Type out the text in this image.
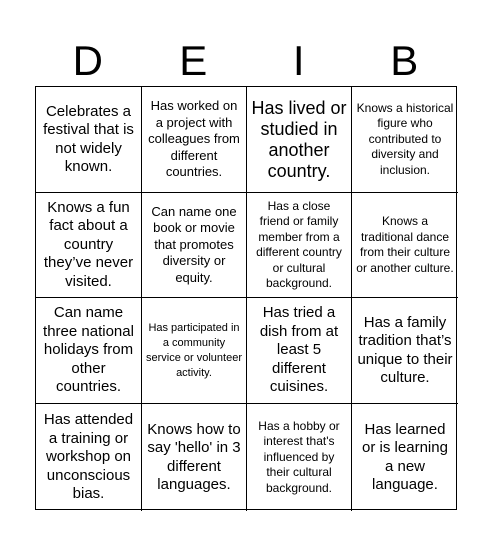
D	E	I	B
Celebrates a festival that is not widely known.
Has worked on a project with colleagues from different countries.
Has lived or studied in another country.
Knows a historical figure who contributed to diversity and inclusion.
Knows a fun fact about a country they’ve never visited.
Can name one book or movie that promotes diversity or equity.
Has a close friend or family member from a different country or cultural background.
Knows a traditional dance from their culture or another culture.
Can name three national holidays from other countries.
Has participated in a community service or volunteer activity.
Has tried a dish from at least 5 different cuisines.
Has a family tradition that’s unique to their culture.
Has attended a training or workshop on unconscious bias.
Knows how to say 'hello' in 3 different languages.
Has a hobby or interest that's influenced by their cultural background.
Has learned or is learning a new language.
